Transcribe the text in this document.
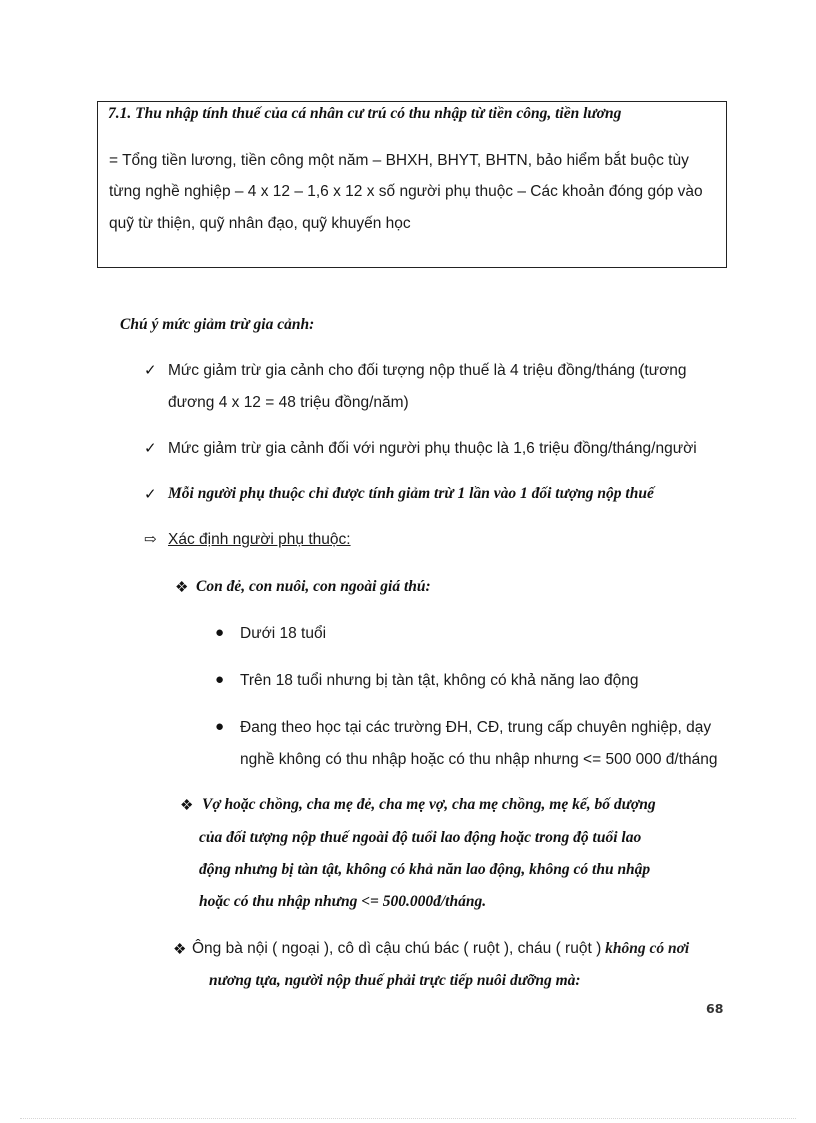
7.1. Thu nhập tính thuế của cá nhân cư trú có thu nhập từ tiền công, tiền lương
= Tổng tiền lương, tiền công một năm – BHXH, BHYT, BHTN, bảo hiểm bắt buộc tùy
từng nghề nghiệp – 4 x 12 – 1,6 x 12 x số người phụ thuộc – Các khoản đóng góp vào
quỹ từ thiện, quỹ nhân đạo, quỹ khuyến học
Chú ý mức giảm trừ gia cảnh:
✓ Mức giảm trừ gia cảnh cho đối tượng nộp thuế là 4 triệu đồng/tháng (tương
đương 4 x 12 = 48 triệu đồng/năm)
✓ Mức giảm trừ gia cảnh đối với người phụ thuộc là 1,6 triệu đồng/tháng/người
✓ Mỗi người phụ thuộc chỉ được tính giảm trừ 1 lần vào 1 đối tượng nộp thuế
⇨ Xác định người phụ thuộc:
❖ Con đẻ, con nuôi, con ngoài giá thú:
● Dưới 18 tuổi
● Trên 18 tuổi nhưng bị tàn tật, không có khả năng lao động
● Đang theo học tại các trường ĐH, CĐ, trung cấp chuyên nghiệp, dạy
nghề không có thu nhập hoặc có thu nhập nhưng <= 500 000 đ/tháng
❖ Vợ hoặc chồng, cha mẹ đẻ, cha mẹ vợ, cha mẹ chồng, mẹ kế, bố dượng
của đối tượng nộp thuế ngoài độ tuổi lao động hoặc trong độ tuổi lao
động nhưng bị tàn tật, không có khả năn lao động, không có thu nhập
hoặc có thu nhập nhưng <= 500.000đ/tháng.
❖ Ông bà nội ( ngoại ), cô dì cậu chú bác ( ruột ), cháu ( ruột ) không có nơi
nương tựa, người nộp thuế phải trực tiếp nuôi dưỡng mà:
68
